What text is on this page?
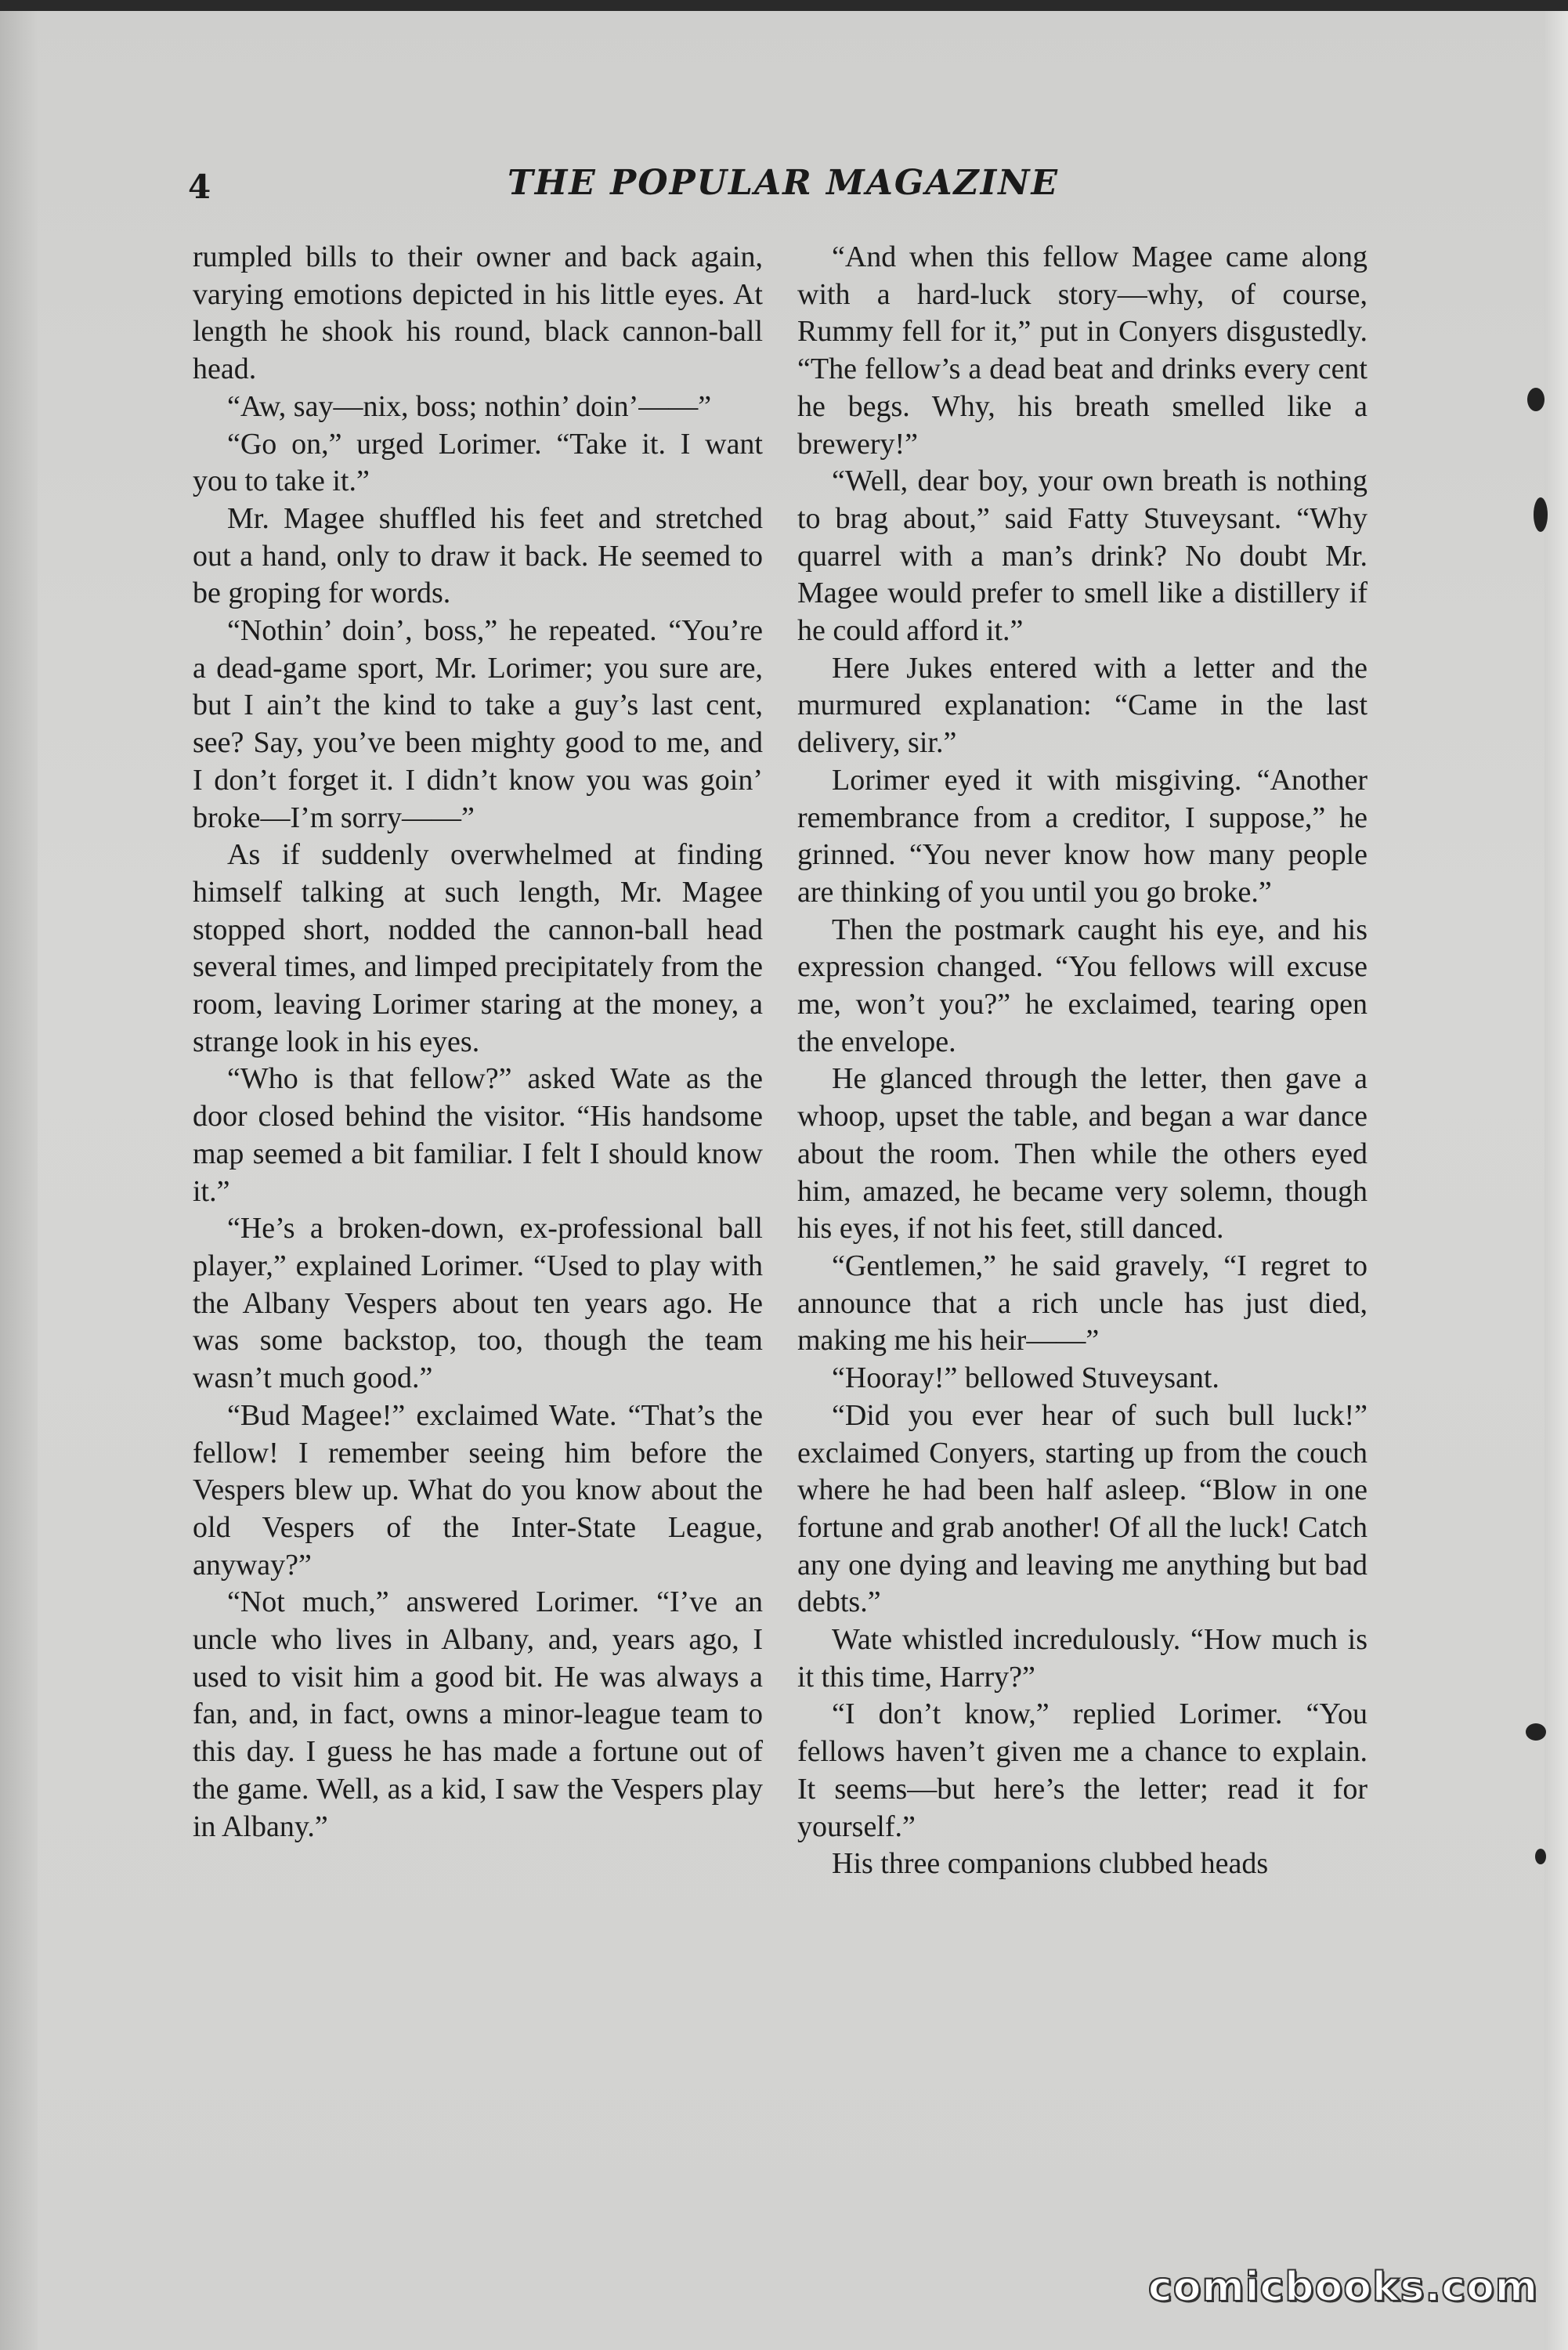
4	THE POPULAR MAGAZINE

rumpled bills to their owner and back again, varying emotions depicted in his little eyes. At length he shook his round, black cannon-ball head.

“Aw, say—nix, boss; nothin’ doin’——”

“Go on,” urged Lorimer. “Take it. I want you to take it.”

Mr. Magee shuffled his feet and stretched out a hand, only to draw it back. He seemed to be groping for words.

“Nothin’ doin’, boss,” he repeated. “You’re a dead-game sport, Mr. Lorimer; you sure are, but I ain’t the kind to take a guy’s last cent, see? Say, you’ve been mighty good to me, and I don’t forget it. I didn’t know you was goin’ broke—I’m sorry——”

As if suddenly overwhelmed at finding himself talking at such length, Mr. Magee stopped short, nodded the cannon-ball head several times, and limped precipitately from the room, leaving Lorimer staring at the money, a strange look in his eyes.

“Who is that fellow?” asked Wate as the door closed behind the visitor. “His handsome map seemed a bit familiar. I felt I should know it.”

“He’s a broken-down, ex-professional ball player,” explained Lorimer. “Used to play with the Albany Vespers about ten years ago. He was some backstop, too, though the team wasn’t much good.”

“Bud Magee!” exclaimed Wate. “That’s the fellow! I remember seeing him before the Vespers blew up. What do you know about the old Vespers of the Inter-State League, anyway?”

“Not much,” answered Lorimer. “I’ve an uncle who lives in Albany, and, years ago, I used to visit him a good bit. He was always a fan, and, in fact, owns a minor-league team to this day. I guess he has made a fortune out of the game. Well, as a kid, I saw the Vespers play in Albany.”

“And when this fellow Magee came along with a hard-luck story—why, of course, Rummy fell for it,” put in Conyers disgustedly. “The fellow’s a dead beat and drinks every cent he begs. Why, his breath smelled like a brewery!”

“Well, dear boy, your own breath is nothing to brag about,” said Fatty Stuveysant. “Why quarrel with a man’s drink? No doubt Mr. Magee would prefer to smell like a distillery if he could afford it.”

Here Jukes entered with a letter and the murmured explanation: “Came in the last delivery, sir.”

Lorimer eyed it with misgiving. “Another remembrance from a creditor, I suppose,” he grinned. “You never know how many people are thinking of you until you go broke.”

Then the postmark caught his eye, and his expression changed. “You fellows will excuse me, won’t you?” he exclaimed, tearing open the envelope.

He glanced through the letter, then gave a whoop, upset the table, and began a war dance about the room. Then while the others eyed him, amazed, he became very solemn, though his eyes, if not his feet, still danced.

“Gentlemen,” he said gravely, “I regret to announce that a rich uncle has just died, making me his heir——”

“Hooray!” bellowed Stuveysant.

“Did you ever hear of such bull luck!” exclaimed Conyers, starting up from the couch where he had been half asleep. “Blow in one fortune and grab another! Of all the luck! Catch any one dying and leaving me anything but bad debts.”

Wate whistled incredulously. “How much is it this time, Harry?”

“I don’t know,” replied Lorimer. “You fellows haven’t given me a chance to explain. It seems—but here’s the letter; read it for yourself.”

His three companions clubbed heads

comicbooks.com
